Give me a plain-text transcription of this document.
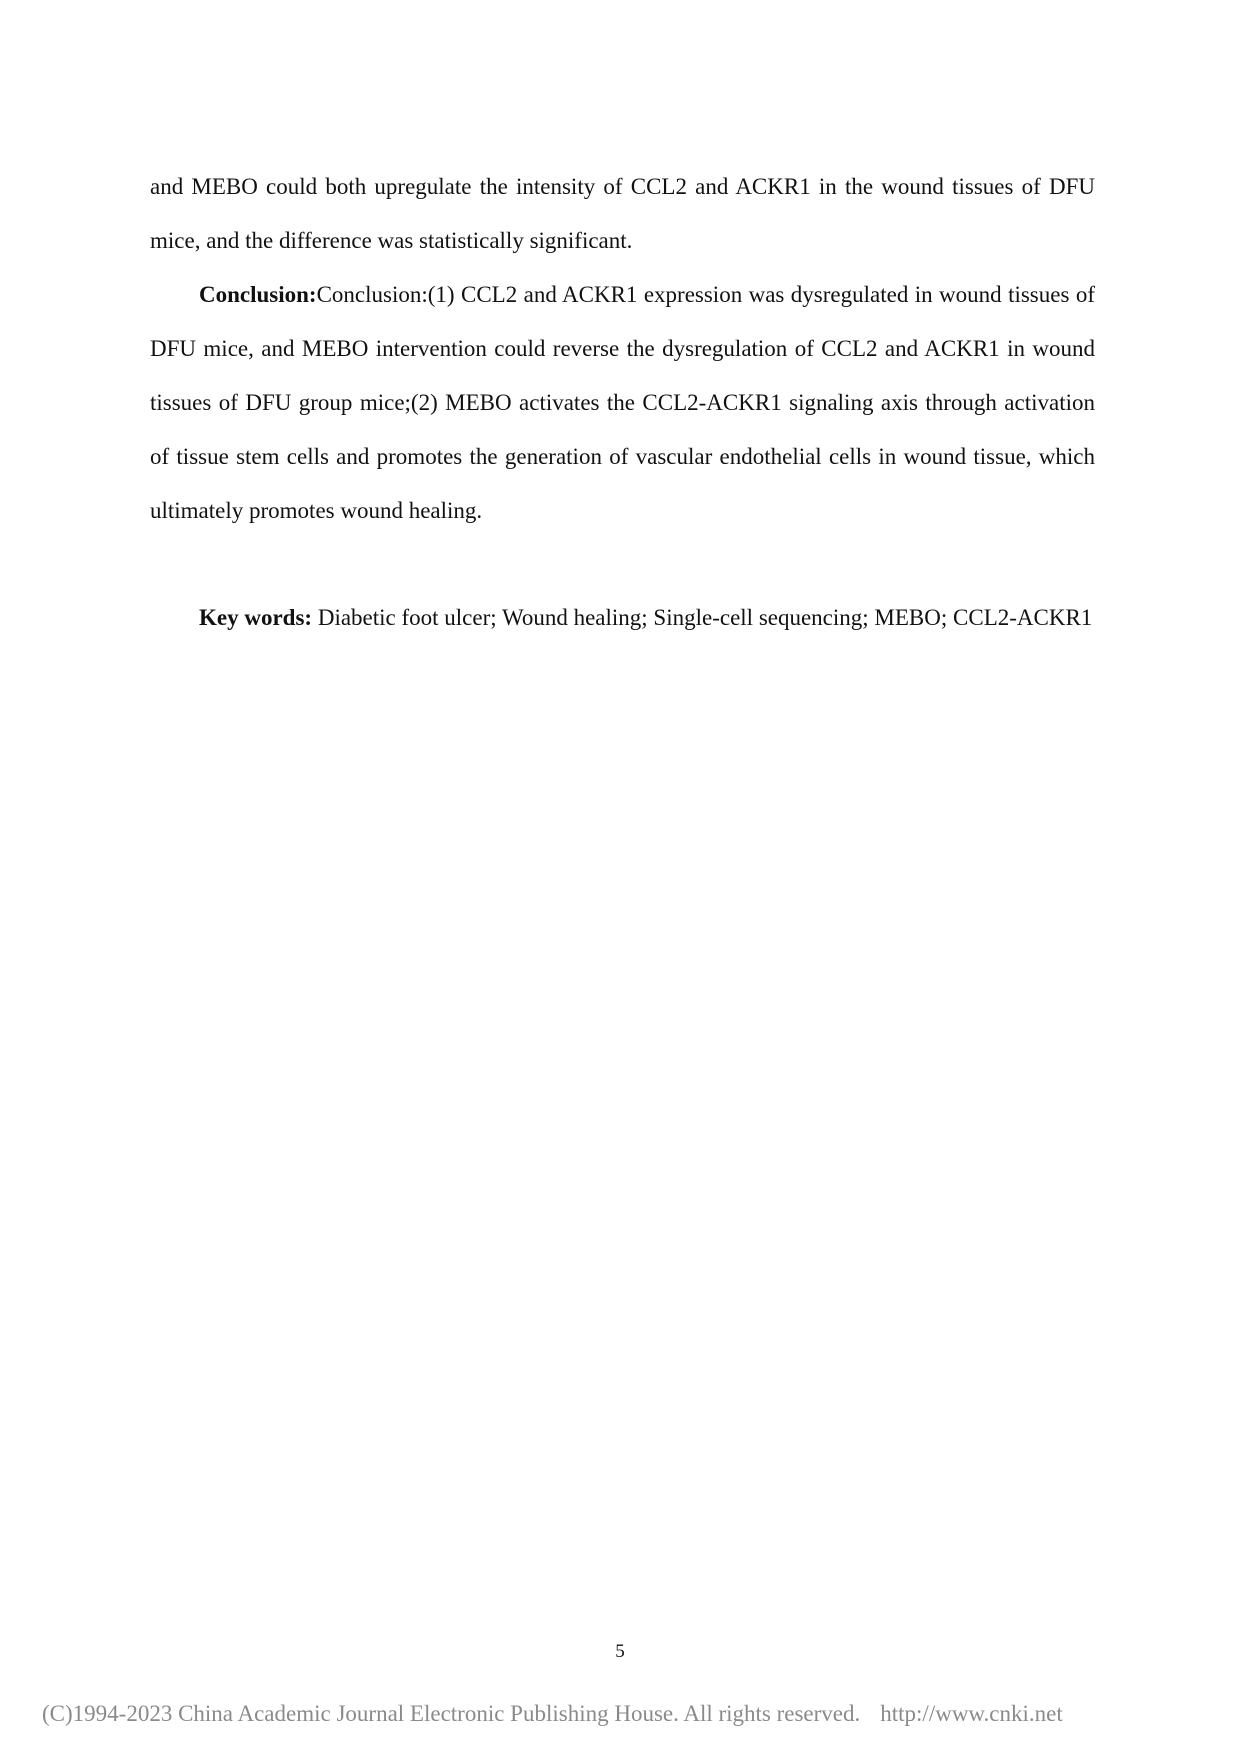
and MEBO could both upregulate the intensity of CCL2 and ACKR1 in the wound tissues of DFU mice, and the difference was statistically significant.

Conclusion:Conclusion:(1) CCL2 and ACKR1 expression was dysregulated in wound tissues of DFU mice, and MEBO intervention could reverse the dysregulation of CCL2 and ACKR1 in wound tissues of DFU group mice;(2) MEBO activates the CCL2-ACKR1 signaling axis through activation of tissue stem cells and promotes the generation of vascular endothelial cells in wound tissue, which ultimately promotes wound healing.

Key words: Diabetic foot ulcer; Wound healing; Single-cell sequencing; MEBO; CCL2-ACKR1

5
(C)1994-2023 China Academic Journal Electronic Publishing House. All rights reserved. http://www.cnki.net
